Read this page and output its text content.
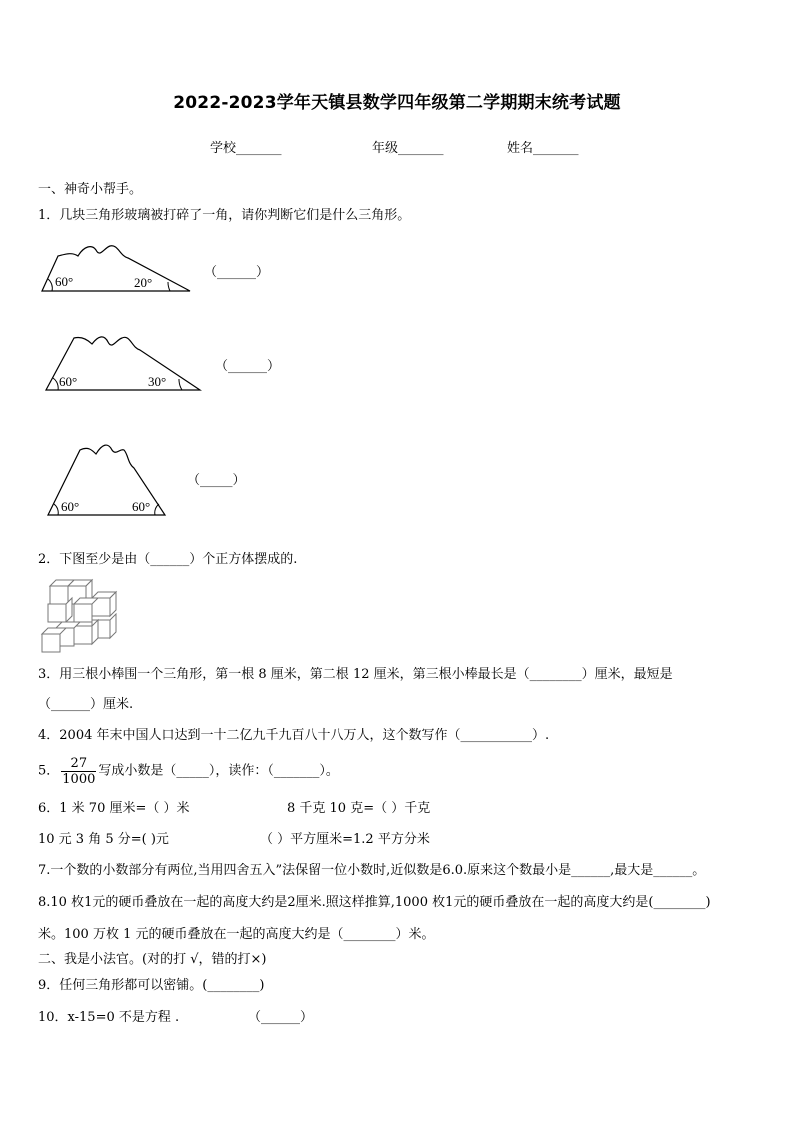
2022-2023学年天镇县数学四年级第二学期期末统考试题
学校_______	年级_______	姓名_______
一、神奇小帮手。
1．几块三角形玻璃被打碎了一角，请你判断它们是什么三角形。
60°	20°
（______）
60°	30°
（______）
60°	60°
（_____）
2．下图至少是由（______）个正方体摆成的.
3．用三根小棒围一个三角形，第一根 8 厘米，第二根 12 厘米，第三根小棒最长是（________）厘米，最短是
（______）厘米.
4．2004 年末中国人口达到一十二亿九千九百八十八万人，这个数写作（___________）.
5． $\frac{27}{1000}$ 写成小数是（_____），读作：（_______）。
6．1 米 70 厘米=（ ）米	8 千克 10 克=（ ）千克
10 元 3 角 5 分=( )元	（ ）平方厘米=1.2 平方分米
7.一个数的小数部分有两位,当用四舍五入”法保留一位小数时,近似数是6.0.原来这个数最小是______,最大是______。
8.10 枚1元的硬币叠放在一起的高度大约是2厘米.照这样推算,1000 枚1元的硬币叠放在一起的高度大约是(________)
米。100 万枚 1 元的硬币叠放在一起的高度大约是（________）米。
二、我是小法官。(对的打 √，错的打×)
9．任何三角形都可以密铺。(________)
10．x-15=0 不是方程 .	（______）
